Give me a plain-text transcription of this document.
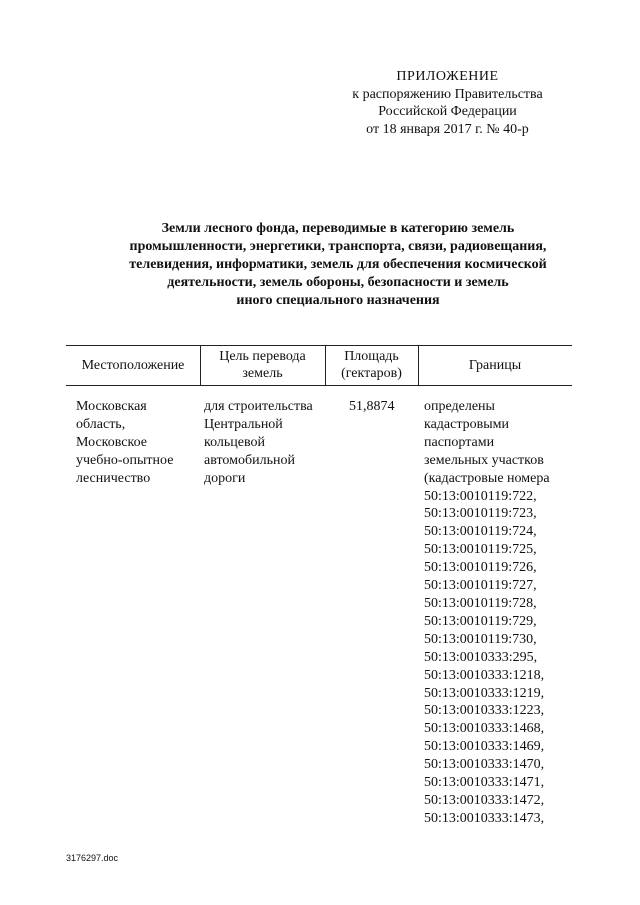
ПРИЛОЖЕНИЕ
к распоряжению Правительства
Российской Федерации
от 18 января 2017 г. № 40-р
Земли лесного фонда, переводимые в категорию земель
промышленности, энергетики, транспорта, связи, радиовещания,
телевидения, информатики, земель для обеспечения космической
деятельности, земель обороны, безопасности и земель
иного специального назначения
Местоположение
Цель перевода
земель
Площадь
(гектаров)
Границы
Московская
область,
Московское
учебно-опытное
лесничество
для строительства
Центральной
кольцевой
автомобильной
дороги
51,8874 определены
кадастровыми
паспортами
земельных участков
(кадастровые номера
50:13:0010119:722,
50:13:0010119:723,
50:13:0010119:724,
50:13:0010119:725,
50:13:0010119:726,
50:13:0010119:727,
50:13:0010119:728,
50:13:0010119:729,
50:13:0010119:730,
50:13:0010333:295,
50:13:0010333:1218,
50:13:0010333:1219,
50:13:0010333:1223,
50:13:0010333:1468,
50:13:0010333:1469,
50:13:0010333:1470,
50:13:0010333:1471,
50:13:0010333:1472,
50:13:0010333:1473,
3176297.doc
